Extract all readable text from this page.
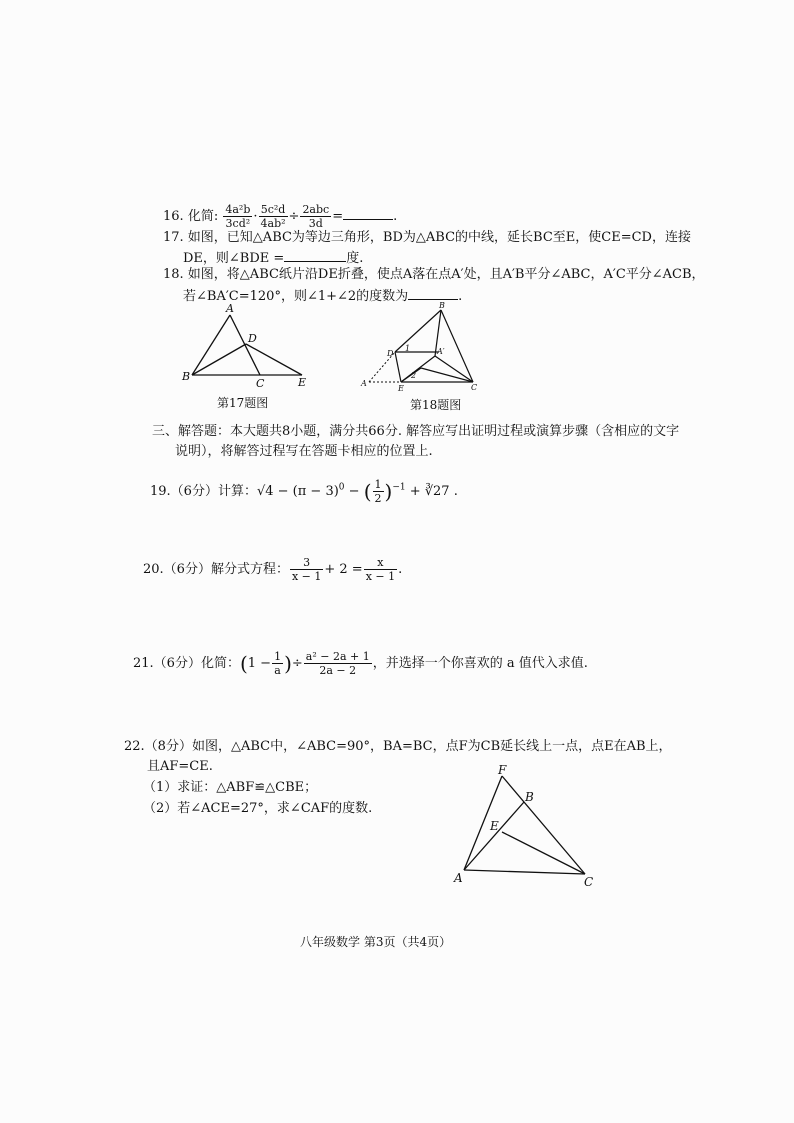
16. 化简: $\frac{\text{4a²b}}{\text{3cd²}} \cdot \frac{\text{5c²d}}{\text{4ab²}} \div \frac{\text{2abc}}{3d}$ =	.
17. 如图，已知△ABC为等边三角形，BD为△ABC的中线，延长BC至E，使CE=CD，连接
DE，则∠BDE =	度.
18. 如图，将△ABC纸片沿DE折叠，使点A落在点A′处，且A′B平分∠ABC，A′C平分∠ACB，
若∠BA′C=120°，则∠1+∠2的度数为	.
A
B
C
D
E
第17题图
B
D
A
E	C
A′
1
2
第18题图
三、解答题：本大题共8小题，满分共66分. 解答应写出证明过程或演算步骤（含相应的文字
说明），将解答过程写在答题卡相应的位置上.
19.（6分）计算：$√4 - (\pi - 3)^0$ − ( $\frac{1}{2} )^{-1}$ + ∛27 .
20.（6分）解分式方程： $\frac{3}{x - 1} + 2 = \frac{x}{x - 1}$ .
21.（6分）化简：($1 - \frac{1}{a}$ )÷ $\frac{\text{a² − 2a + 1}}{2a - 2}$ ，并选择一个你喜欢的 a 值代入求值.
22.（8分）如图，△ABC中，∠ABC=90°，BA=BC，点F为CB延长线上一点，点E在AB上，
且AF=CE.
（1）求证：△ABF≌△CBE；
（2）若∠ACE=27°，求∠CAF的度数.
F
B
E
A	C
八年级数学 第3页（共4页）
